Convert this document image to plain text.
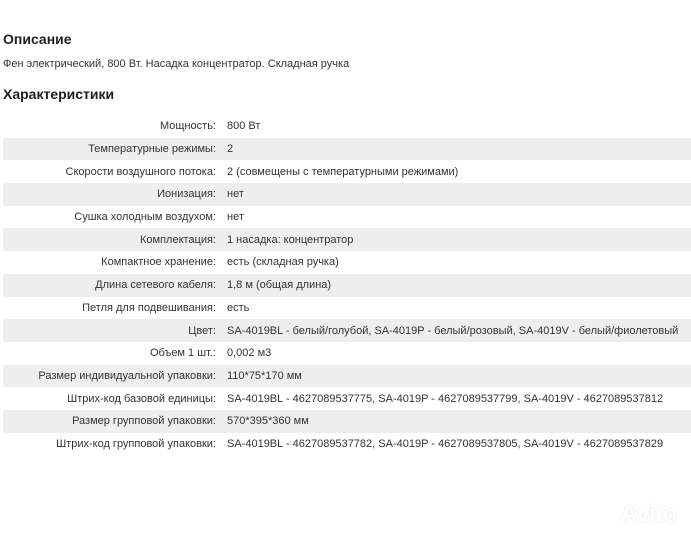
Описание
Фен электрический, 800 Вт. Насадка концентратор. Складная ручка
Характеристики
Мощность: 800 Вт
Температурные режимы: 2
Скорости воздушного потока: 2 (совмещены с температурными режимами)
Ионизация: нет
Сушка холодным воздухом: нет
Комплектация: 1 насадка: концентратор
Компактное хранение: есть (складная ручка)
Длина сетевого кабеля: 1,8 м (общая длина)
Петля для подвешивания: есть
Цвет: SA-4019BL - белый/голубой, SA-4019P - белый/розовый, SA-4019V - белый/фиолетовый
Объем 1 шт.: 0,002 м3
Размер индивидуальной упаковки: 110*75*170 мм
Штрих-код базовой единицы: SA-4019BL - 4627089537775, SA-4019P - 4627089537799, SA-4019V - 4627089537812
Размер групповой упаковки: 570*395*360 мм
Штрих-код групповой упаковки: SA-4019BL - 4627089537782, SA-4019P - 4627089537805, SA-4019V - 4627089537829
Avito
